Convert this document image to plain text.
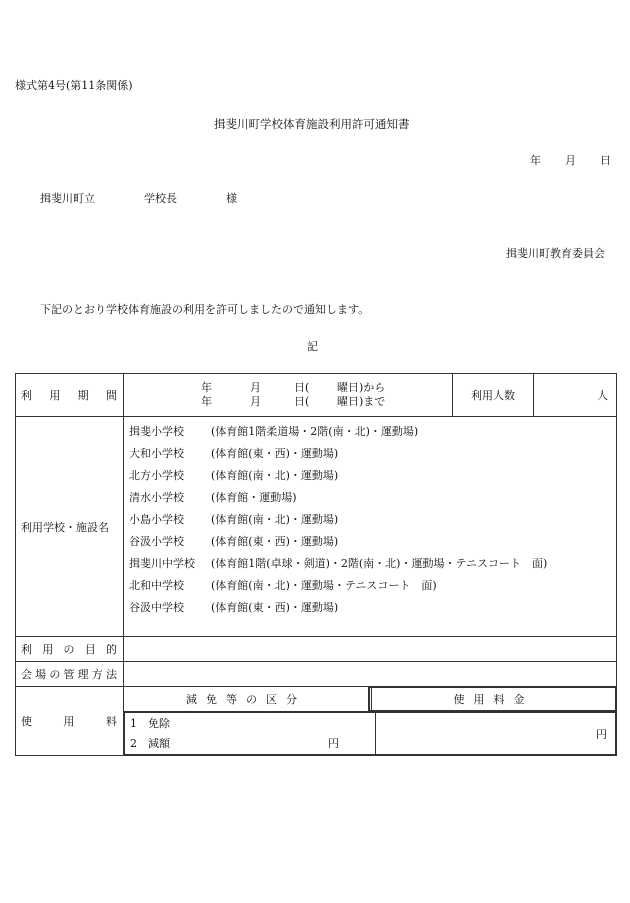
様式第4号(第11条関係)
揖斐川町学校体育施設利用許可通知書
年 月 日
揖斐川町立	学校長	様
揖斐川町教育委員会
下記のとおり学校体育施設の利用を許可しましたので通知します。
記
利 用 期 間

年	月	日(	曜日)から
年	月	日(	曜日)まで	利用人数	人
利用学校・施設名	
揖斐小学校	(体育館1階柔道場・2階(南・北)・運動場)
大和小学校	(体育館(東・西)・運動場)
北方小学校	(体育館(南・北)・運動場)
清水小学校	(体育館・運動場)
小島小学校	(体育館(南・北)・運動場)
谷汲小学校	(体育館(東・西)・運動場)
揖斐川中学校	(体育館1階(卓球・剣道)・2階(南・北)・運動場・テニスコート　面)
北和中学校	(体育館(南・北)・運動場・テニスコート　面)
谷汲中学校	(体育館(東・西)・運動場)

利 用 の 目 的

会 場 の 管 理 方 法

使	用	料
	減免等の区分	
		使用料金

1　免除
2　減額	円
	円
